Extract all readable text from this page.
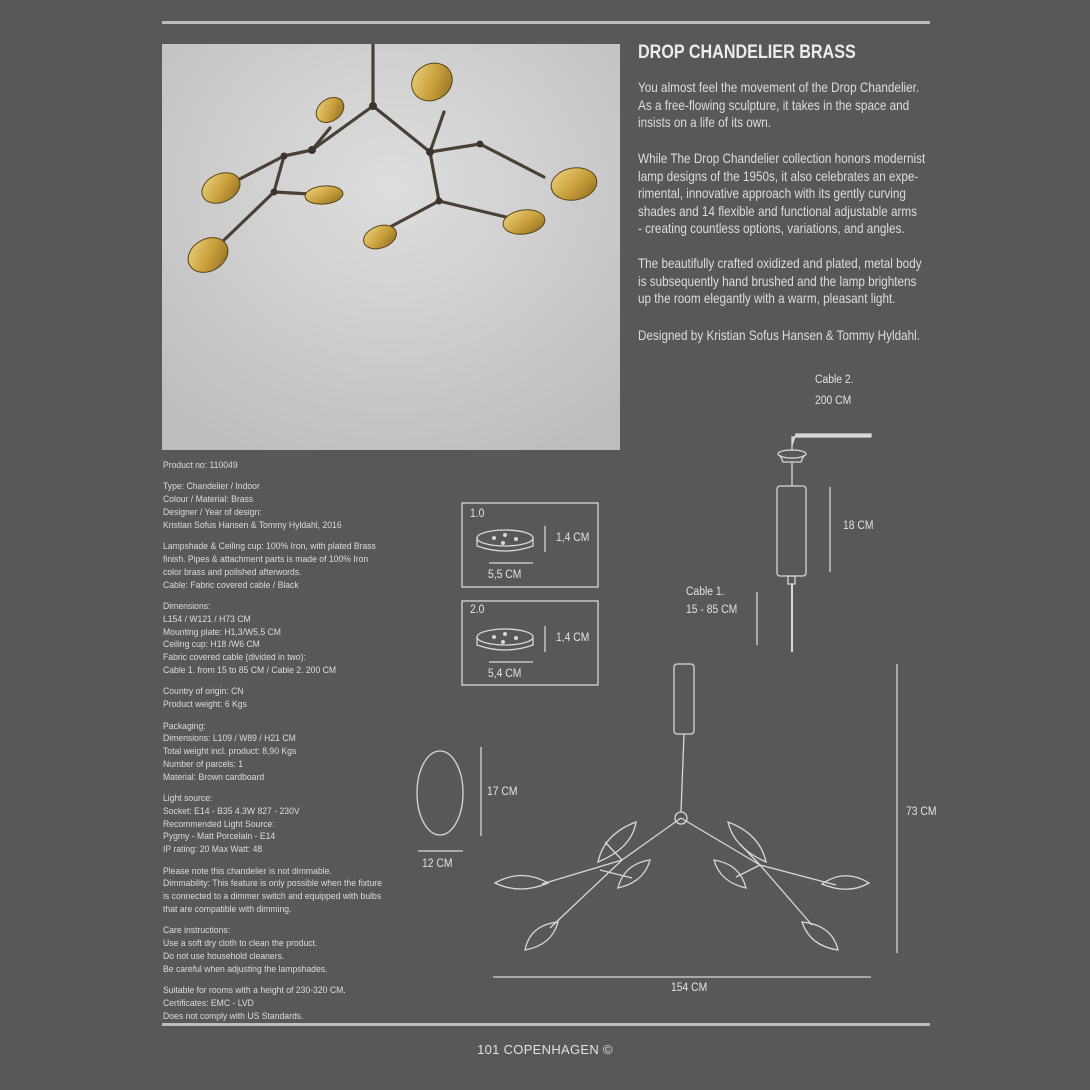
DROP CHANDELIER BRASS
You almost feel the movement of the Drop Chandelier.
As a free-flowing sculpture, it takes in the space and
insists on a life of its own.
While The Drop Chandelier collection honors modernist
lamp designs of the 1950s, it also celebrates an expe-
rimental, innovative approach with its gently curving
shades and 14 flexible and functional adjustable arms
- creating countless options, variations, and angles.
The beautifully crafted oxidized and plated, metal body
is subsequently hand brushed and the lamp brightens
up the room elegantly with a warm, pleasant light.
Designed by Kristian Sofus Hansen & Tommy Hyldahl.
Product no: 110049
Type: Chandelier / Indoor
Colour / Material: Brass
Designer / Year of design:
Kristian Sofus Hansen & Tommy Hyldahl, 2016
Lampshade & Ceiling cup: 100% Iron, with plated Brass
finish. Pipes & attachment parts is made of 100% Iron
color brass and polished afterwords.
Cable: Fabric covered cable / Black
Dimensions:
L154 / W121 / H73 CM
Mounting plate: H1,3/W5,5 CM
Ceiling cup: H18 /W6 CM
Fabric covered cable (divided in two):
Cable 1. from 15 to 85 CM / Cable 2. 200 CM
Country of origin: CN
Product weight: 6 Kgs
Packaging:
Dimensions: L109 / W89 / H21 CM
Total weight incl. product: 8,90 Kgs
Number of parcels: 1
Material: Brown cardboard
Light source:
Socket: E14 - B35 4.3W 827 - 230V
Recommended Light Source:
Pygmy - Matt Porcelain - E14
IP rating: 20 Max Watt: 48
Please note this chandelier is not dimmable.
Dimmability: This feature is only possible when the fixture
is connected to a dimmer switch and equipped with bulbs
that are compatible with dimming.
Care instructions:
Use a soft dry cloth to clean the product.
Do not use household cleaners.
Be careful when adjusting the lampshades.
Suitable for rooms with a height of 230-320 CM.
Certificates: EMC - LVD
Does not comply with US Standards.
Cable 2.
200 CM
18 CM
Cable 1.
15 - 85 CM
1.0
1,4 CM
5,5 CM
2.0
1,4 CM
5,4 CM
17 CM
12 CM
73 CM
154 CM
101 COPENHAGEN ©
